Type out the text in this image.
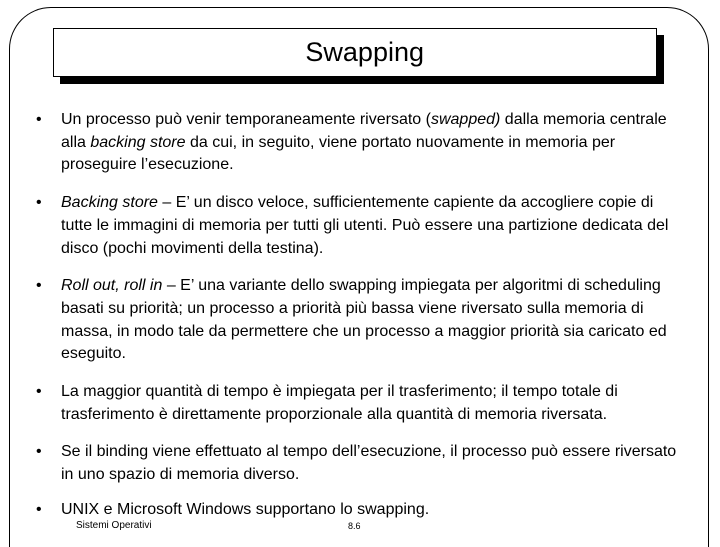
Swapping
• Un processo può venir temporaneamente riversato (swapped) dalla memoria centrale alla backing store da cui, in seguito, viene portato nuovamente in memoria per proseguire l’esecuzione.
• Backing store – E’ un disco veloce, sufficientemente capiente da accogliere copie di tutte le immagini di memoria per tutti gli utenti. Può essere una partizione dedicata del disco (pochi movimenti della testina).
• Roll out, roll in – E’ una variante dello swapping impiegata per algoritmi di scheduling basati su priorità; un processo a priorità più bassa viene riversato sulla memoria di massa, in modo tale da permettere che un processo a maggior priorità sia caricato ed eseguito.
• La maggior quantità di tempo è impiegata per il trasferimento; il tempo totale di trasferimento è direttamente proporzionale alla quantità di memoria riversata.
• Se il binding viene effettuato al tempo dell’esecuzione, il processo può essere riversato in uno spazio di memoria diverso.
• UNIX e Microsoft Windows supportano lo swapping.
Sistemi Operativi	8.6
